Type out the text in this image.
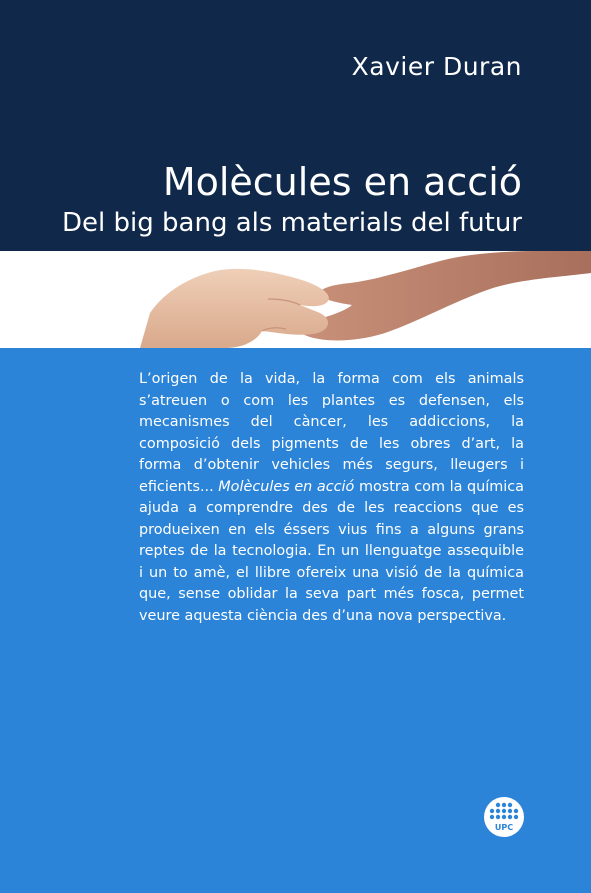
Xavier Duran
Molècules en acció
Del big bang als materials del futur
L’origen de la vida, la forma com els animals s’atreuen o com les plantes es defensen, els mecanismes del càncer, les addiccions, la composició dels pigments de les obres d’art, la forma d’obtenir vehicles més segurs, lleugers i eficients... Molècules en acció mostra com la química ajuda a comprendre des de les reaccions que es produeixen en els éssers vius fins a alguns grans reptes de la tecnologia. En un llenguatge assequible i un to amè, el llibre ofereix una visió de la química que, sense oblidar la seva part més fosca, permet veure aquesta ciència des d’una nova perspectiva.
UPC
